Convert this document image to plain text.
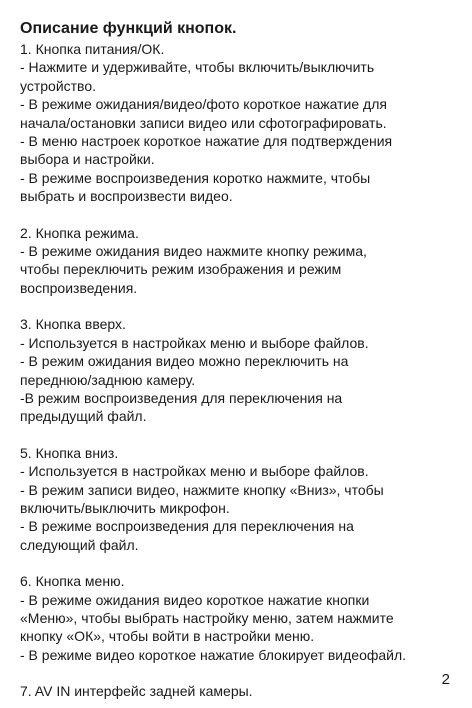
Описание функций кнопок.
1. Кнопка питания/ОК.
- Нажмите и удерживайте, чтобы включить/выключить
устройство.
- В режиме ожидания/видео/фото короткое нажатие для
начала/остановки записи видео или сфотографировать.
- В меню настроек короткое нажатие для подтверждения
выбора и настройки.
- В режиме воспроизведения коротко нажмите, чтобы
выбрать и воспроизвести видео.
2. Кнопка режима.
- В режиме ожидания видео нажмите кнопку режима,
чтобы переключить режим изображения и режим
воспроизведения.
3. Кнопка вверх.
- Используется в настройках меню и выборе файлов.
- В режим ожидания видео можно переключить на
переднюю/заднюю камеру.
-В режим воспроизведения для переключения на
предыдущий файл.
5. Кнопка вниз.
- Используется в настройках меню и выборе файлов.
- В режим записи видео, нажмите кнопку «Вниз», чтобы
включить/выключить микрофон.
- В режиме воспроизведения для переключения на
следующий файл.
6. Кнопка меню.
- В режиме ожидания видео короткое нажатие кнопки
«Меню», чтобы выбрать настройку меню, затем нажмите
кнопку «ОК», чтобы войти в настройки меню.
- В режиме видео короткое нажатие блокирует видеофайл.
7. AV IN интерфейс задней камеры.
2
